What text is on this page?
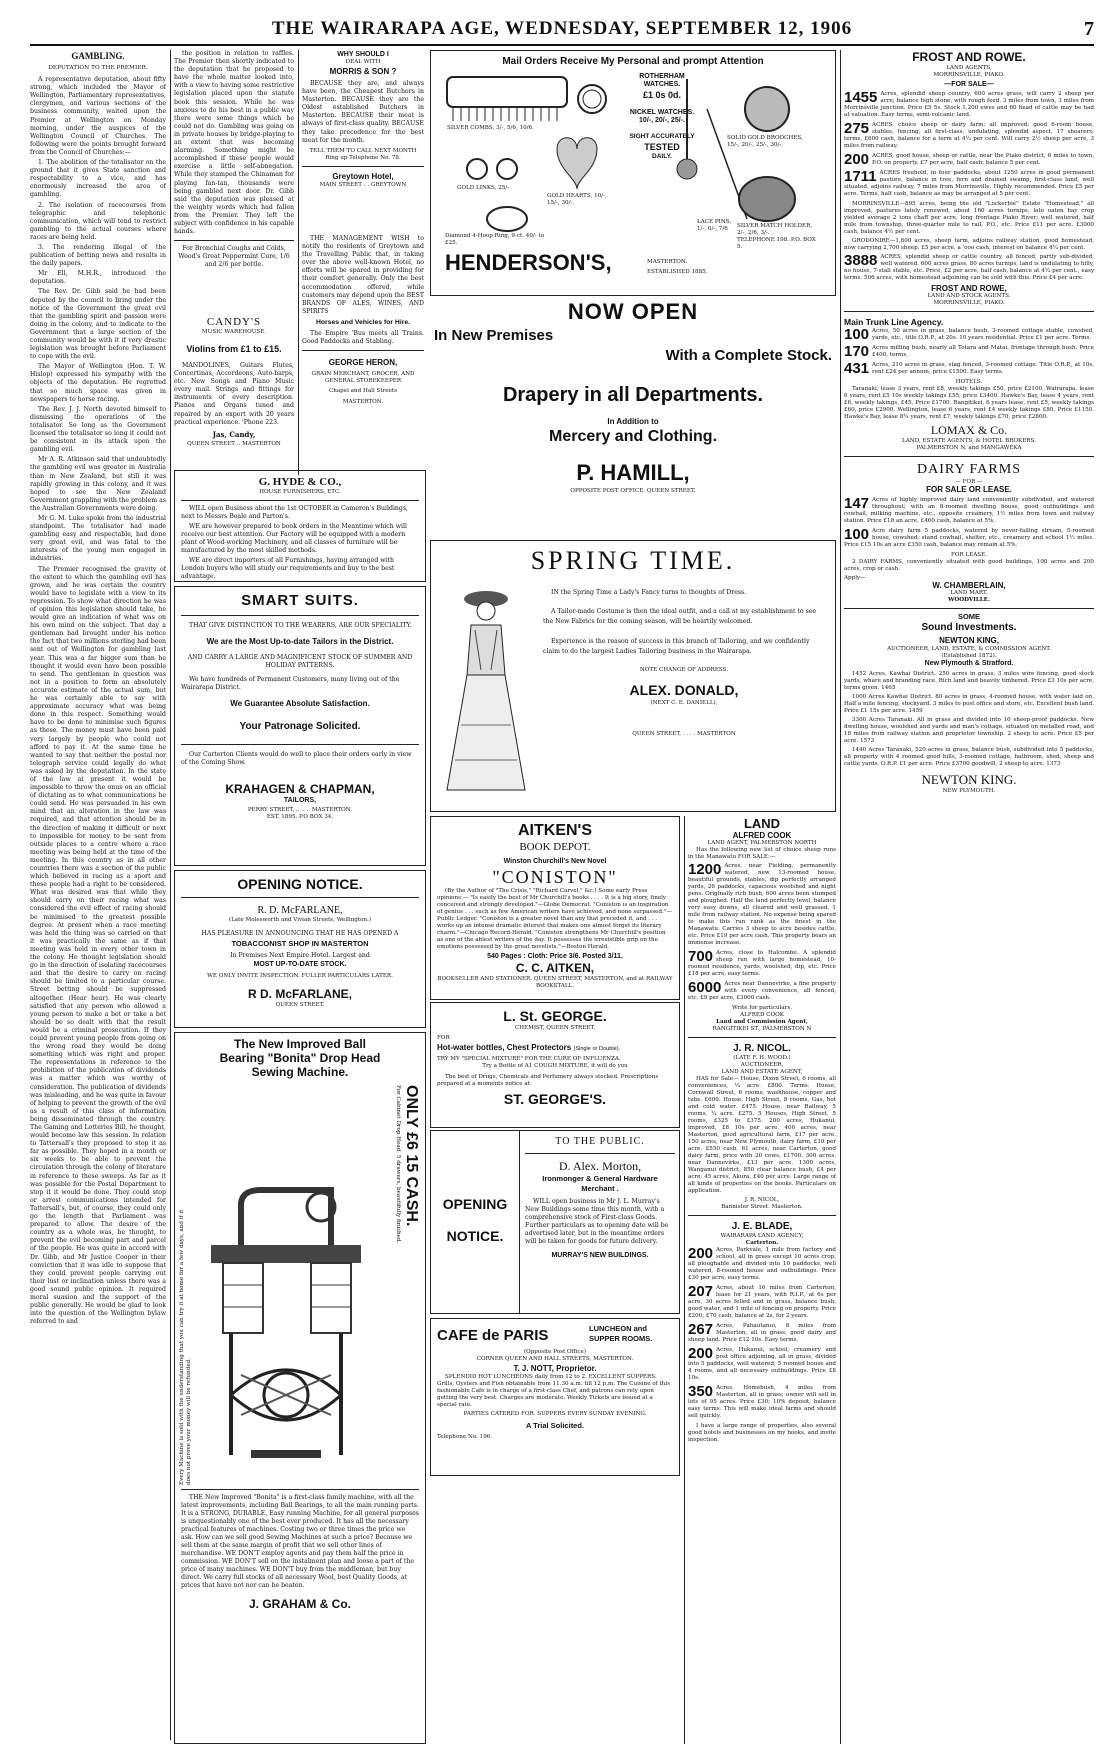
THE WAIRARAPA AGE, WEDNESDAY, SEPTEMBER 12, 1906	7
GAMBLING.
DEPUTATION TO THE PREMIER.

A representative deputation, about fifty strong, which included the Mayor of Wellington, Parliamentary representatives, clergymen, and various sections of the business community, waited upon the Premier at Wellington on Monday morning, under the auspices of the Wellington Council of Churches. The following were the points brought forward from the Council of Churches:—

1. The abolition of the totalisator on the ground that it gives State sanction and respectability to a vice, and has enormously increased the area of gambling.

2. The isolation of racecourses from telegraphic and telephonic communication, which will tend to restrict gambling to the actual courses where races are being held.

3. The rendering illegal of the publication of betting news and results in the daily papers.

Mr Ell, M.H.R., introduced the deputation.

The Rev. Dr. Gibb said he had been deputed by the council to bring under the notice of the Government the great evil that the gambling spirit and passion were doing in the colony, and to indicate to the Government that a large section of the community would be with it if very drastic legislation was brought before Parliament to cope with the evil.

The Mayor of Wellington (Hon. T. W. Hislop) expressed his sympathy with the objects of the deputation. He regretted that so much space was given in newspapers to horse racing.

The Rev. J. J. North devoted himself to dismissing the operations of the totalisator. So long as the Government licensed the totalisator so long it could not be consistent in its attack upon the gambling evil.

Mr A. R. Atkinson said that undoubtedly the gambling evil was greater in Australia than in New Zealand, but still it was rapidly growing in this colony, and it was hoped to see the New Zealand Government grappling with the problem as the Australian Governments were doing.

Mr G. M. Luke spoke from the industrial standpoint. The totalisator had made gambling easy and respectable, had done very great evil, and was fatal to the interests of the young men engaged in industries.

The Premier recognised the gravity of the extent to which the gambling evil has grown, and he was certain the country would have to legislate with a view to its repression. To show what direction he was of opinion this legislation should take, he would give an indication of what was on his own mind on the subject. That day a gentleman had brought under his notice the fact that two millions sterling had been sent out of Wellington for gambling last year. This was a far bigger sum than he thought it would even have been possible to send. The gentleman in question was not in a position to form an absolutely accurate estimate of the actual sum, but he was certainly able to say with approximate accuracy what was being done in this respect. Something would have to be done to minimise such figures as these. The money must have been paid very largely by people who could not afford to pay it. At the same time he wanted to say that neither the postal nor telegraph service could legally do what was asked by the deputation. In the state of the law at present it would be impossible to throw the onus on an official of dictating as to what communications he could send. He was persuaded in his own mind that an alteration in the law was required, and that attention should be in the direction of making it difficult or next to impossible for money to be sent from outside places to a centre where a race meeting was being held at the time of the meeting. In this country as in all other countries there was a section of the public which believed in racing as a sport and these people had a right to be considered. What was desired was that while they should carry on their racing what was considered the evil effect of racing should be minimised to the greatest possible degree. At present when a race meeting was held the thing was so carried on that it was practically the same as if that meeting was held in every other town in the colony. He thought legislation should go in the direction of isolating racecourses and that the desire to carry on racing should be limited to a particular course. Street betting should be suppressed altogether. (Hear hear). He was clearly satisfied that any person who allowed a young person to make a bet or take a bet should be so dealt with that the result would be a criminal prosecution. If they could prevent young people from going on the wrong road they would be doing something which was right and proper. The representations in reference to the prohibition of the publication of dividends was a matter which was worthy of consideration. The publication of dividends was misleading, and he was quite in favour of helping to prevent the growth of the evil as a result of this class of information being disseminated through the country. The Gaming and Lotteries Bill, he thought, would become law this session. In relation to Tattersall's they proposed to stop it as far as possible. They hoped in a month or six weeks to be able to prevent the circulation through the colony of literature in reference to these sweeps. As far as it was possible for the Postal Department to stop it it would be done. They could stop or arrest communications intended for Tattersall's, but, of course, they could only go the length that Parliament was prepared to allow. The desire of the country as a whole was, he thought, to prevent the evil becoming part and parcel of the people. He was quite in accord with Dr. Gibb, and Mr Justice Cooper in their conviction that it was idle to suppose that they could prevent people carrying out their lust or inclination unless there was a good sound public opinion. It required moral suasion and the support of the public generally. He would be glad to look into the question of the Wellington bylaw referred to and

the position in relation to raffles. The Premier then shortly indicated to the deputation that he proposed to have the whole matter looked into, with a view to having some restrictive legislation placed upon the statute book this session. While he was anxious to do his best in a public way there were some things which he could not do. Gambling was going on in private houses by bridge-playing to an extent that was becoming alarming. Something might be accomplished if these people would exercise a little self-abnegation. While they stamped the Chinaman for playing fan-tan, thousands were being gambled next door. Dr. Gibb said the deputation was pleased at the weighty words which had fallen from the Premier. They left the subject with confidence in his capable hands.

For Bronchial Coughs and Colds, Wood's Great Peppermint Cure, 1/6 and 2/6 per bottle.

CANDY'S
MUSIC WAREHOUSE.
Violins from £1 to £15.

MANDOLINES, Guitars Flutes, Concertinas, Accordeons, Auto-harps, etc. New Songs and Piano Music every mail. Strings and fittings for instruments of every description. Pianos and Organs tuned and repaired by an expert with 20 years practical experience. 'Phone 223.

Jas, Candy,
QUEEN STREET .. MASTERTON
WHY SHOULD I
DEAL WITH
MORRIS & SON ?

BECAUSE they are, and always have been, the Cheapest Butchers in Masterton. BECAUSE they are the Oldest established Butchers in Masterton. BECAUSE their meat is always of first-class quality. BECAUSE they take precedence for the best meat for the month.

TELL THEM TO CALL NEXT MONTH
Ring up Telephone No. 78.
Greytown Hotel,
MAIN STREET . . GREYTOWN

THE MANAGEMENT WISH to notify the residents of Greytown and the Travelling Public that, in taking over the above well-known Hotel, no efforts will be spared in providing for their comfort generally. Only the best accommodation offered, while customers may depend upon the BEST BRANDS OF ALES, WINES, AND SPIRITS

Horses and Vehicles for Hire.

The Empire 'Bus meets all Trains. Good Paddocks and Stabling.

GEORGE HERON,
GRAIN MERCHANT, GROCER, AND GENERAL STOREKEEPER
Chapel and Hall Streets
MASTERTON.
G. HYDE & CO.,
HOUSE FURNISHERS, ETC.

WILL open Business about the 1st OCTOBER in Cameron's Buildings, next to Messrs Beale and Parton's.

WE are however prepared to book orders in the Meantime which will receive our best attention. Our Factory will be equipped with a modern plant of Wood-working Machinery, and all classes of furniture will be manufactured by the most skilled methods.

WE are direct importers of all Furnishings, having arranged with London buyers who will study our requirements and buy to the best advantage.

SMART SUITS.

THAT GIVE DISTINCTION TO THE WEARERS, ARE OUR SPECIALITY.

We are the Most Up-to-date Tailors in the District.
AND CARRY A LARGE AND MAGNIFICENT STOCK OF SUMMER AND HOLIDAY PATTERNS.

We have hundreds of Permanent Customers, many living out of the Wairarapa District.

We Guarantee Absolute Satisfaction.
Your Patronage Solicited.

Our Carterton Clients would do well to place their orders early in view of the Coming Show.

KRAHAGEN & CHAPMAN,
TAILORS,
PERRY STREET, .. .. .. MASTERTON.
EST. 1895. P.O BOX 34.
OPENING NOTICE.
R. D. McFARLANE,
(Late Molesworth and Vivian Streets, Wellington.)
HAS PLEASURE IN ANNOUNCING THAT HE HAS OPENED A
TOBACCONIST SHOP IN MASTERTON
In Premises Next Empire Hotel. Largest and
MOST UP-TO-DATE STOCK.
WE ONLY INVITE INSPECTION. FULLER PARTICULARS LATER.
R D. McFARLANE,
QUEEN STREET.
The New Improved Ball
Bearing "Bonita" Drop Head
Sewing Machine.
ONLY £6 15 CASH.
For Cabinet Drop Head, 5 drawers, beautifully finished.
Every Machine is sold with the understanding that you can try it at home for a few days, and if it does not prove your money will be refunded.

THE New Improved "Bonita" is a first-class family machine, with all the latest improvements, including Ball Bearings, to all the main running parts. It is a STRONG, DURABLE, Easy running Machine, for all general purposes is unquestionably one of the best ever produced. It has all the necessary practical features of machines. Costing two or three times the price we ask. How can we sell good Sewing Machines at such a price? Because we sell them at the same margin of profit that we sell other lines of merchandise. WE DON'T employ agents and pay them half the price in commission. WE DON'T sell on the instalment plan and loose a part of the price of many machines. WE DON'T buy from the middleman, but buy direct. We carry full stocks of all necessary Wool, best Quality Goods, at prices that have not nor can be beaten.

J. GRAHAM & Co.
Mail Orders Receive My Personal and prompt Attention
ROTHERHAM
WATCHES.
£1 0s 0d.
NICKEL WATCHES.
10/-, 20/-, 25/-.
SIGHT ACCURATELY
TESTED
DAILY.
SILVER COMBS, 3/-, 5/6, 10/6.
GOLD LINKS, 25/-
GOLD HEARTS, 10/-, 15/-, 30/-.
SOLID GOLD BROOCHES, 15/-, 20/-, 25/-, 30/-.
Diamond 4-Hoop Ring, 9-ct. 40/- to £25.
LACE PINS, 1/-, 6/-, 7/6	SILVER MATCH HOLDER, 2/-, 2/6, 3/-.
TELEPHONE 198. P.O. BOX 5.
HENDERSON'S,	MASTERTON.
ESTABLISHED 1885.
NOW OPEN
In New Premises
With a Complete Stock.
Drapery in all Departments.
In Addition to
Mercery and Clothing.
P. HAMILL,
OPPOSITE POST OFFICE. QUEEN STREET.
SPRING TIME.

IN the Spring Time a Lady's Fancy turns to thoughts of Dress.

A Tailor-made Costume is then the ideal outfit, and a call at my establishment to see the New Fabrics for the coming season, will be heartily welcomed.

Experience is the reason of success in this branch of Tailoring, and we confidently claim to do the largest Ladies Tailoring business in the Wairarapa.

NOTE CHANGE OF ADDRESS.
ALEX. DONALD,
(NEXT C. E. DANIELL),
QUEEN STREET, . . . . MASTERTON
AITKEN'S
BOOK DEPOT.
Winston Churchill's New Novel
"CONISTON"

(By the Author of "The Crisis," "Richard Carvel," &c.) Some early Press opinions:— "Is easily the best of Mr Churchill's books . . . . It is a big story, finely conceived and strongly developed."—Globe Democrat. "Coniston is an inspiration of genius . . . such as few American writers have achieved, and none surpassed."—Public Ledger. "Coniston is a greater novel than any that preceded it, and . . . works up an intense dramatic interest that makes one almost forget its literary charm."—Chicago Record-Herald. "Coniston strengthens Mr Churchill's position as one of the ablest writers of the day. It possesses the irresistible grip on the emotions possessed by the great novelists."—Boston Herald.

540 Pages : Cloth: Price 3/6. Posted 3/11.
C. C. AITKEN,
BOOKSELLER AND STATIONER. QUEEN STREET, MASTERTON, and at RAILWAY BOOKSTALL.
L. St. GEORGE.
CHEMIST, QUEEN STREET.
FOR
Hot-water bottles, Chest Protectors (Single or Double).
TRY MY "SPECIAL MIXTURE" FOR THE CURE OF INFLUENZA.
Try a Bottle of A1 COUGH MIXTURE, it will do you

The best of Drugs, Chemicals and Perfumery always stocked. Prescriptions prepared at a moments notice at

ST. GEORGE'S.
OPENING
NOTICE.
TO THE PUBLIC.
D. Alex. Morton,
Ironmonger & General Hardware Merchant .

WILL open business in Mr J. L. Murray's New Buildings some time this month, with a comprehensive stock of First-class Goods. Further particulars as to opening date will be advertised later, but in the meantime orders will be taken for goods for future delivery.

MURRAY'S NEW BUILDINGS.
CAFE de PARIS	LUNCHEON and
SUPPER ROOMS.
(Opposite Post Office)
CORNER QUEEN AND HALL STREETS, MASTERTON.
T. J. NOTT, Proprietor.

SPLENDID HOT LUNCHEONS daily from 12 to 2. EXCELLENT SUPPERS. Grills, Oysters and Fish obtainable from 11.30 a.m. till 12 p.m. The Cuisine of this fashionable Cafe is in charge of a first-class Chef, and patrons can rely upon getting the very best. Charges are moderate. Weekly Tickets are issued at a special rate.

PARTIES CATERED FOR. SUPPERS EVERY SUNDAY EVENING.
A Trial Solicited.
Telephone No. 196.
LAND
ALFRED COOK
LAND AGENT, PALMERSTON NORTH

Has the following new list of choice sheep runs in the Manawatu FOR SALE:—

1200 Acres, near Fielding, permanently watered, new 13-roomed house, beautiful grounds, stables, dip perfectly arranged yards, 26 paddocks, capacious woolshed and night pens. Originally rich bush, 600 acres been stumped and ploughed. Half the land perfectly level, balance very easy downs, all cleared and well grassed, 1 mile from railway station. No expense being spared to make this run rank as the finest in the Manawatu. Carries 3 sheep to acre besides cattle, etc. Price £19 per acre cash. This property bears an immense increase.
700 Acres, close to Halcombe. A splendid sheep run with large homestead, 10-roomed residence, yards, woolshed, dip, etc. Price £18 per acre, easy terms.
6000 Acres near Dannevirke, a fine property with every convenience, all fenced, etc. £9 per acre, £3000 cash.
Write for particulars,
ALFRED COOK
Land and Commission Agent,
RANGITIKEI ST., PALMERSTON N
J. R. NICOL.
(LATE F. H. WOOD.)
AUCTIONEER,
LAND AND ESTATE AGENT,

HAS for Sale— House, Dixon Street, 6 rooms, all conveniences, ¼ acre. £800. Terms. House, Cornwall Street, 6 rooms, washhouse, copper and tubs. £600. House, High Street, 8 rooms, Gas, hot and cold water. £475. House, near Railway, 5 rooms, ¼ acre. £275. 5 Houses, High Street, 5 rooms, £325 to £375. 200 acres, Hukanui, improved, £8 10s per acre. 400 acres, near Masterton, good agricultural farm, £17 per acre. 150 acres, near New Plymouth, dairy farm, £10 per acre. £550 cash. 61 acres, near Carterton, good dairy farm, price with 20 cows, £1700. 300 acres, near Dannevirke, £13 per acre. 1300 acres, Wanganui district, 850 clear balance bush, £4 per acre. 45 acres, Akura, £40 per acre. Large range of all kinds of properties on the books. Particulars on application.

J. R. NICOL,
Bannister Street. Masterton.
J. E. BLADE,
WAIRARAPA LAND AGENCY,
Carterton.
200 Acres, Parkvale, 1 mile from factory and school, all in grass except 10 acres crop, all ploughable and divided into 10 paddocks, well watered, 8-roomed house and outbuildings. Price £30 per acre, easy terms.
207 Acres, about 16 miles from Carterton, lease for 21 years, with R.I.P., at 6s per acre, 30 acres felled and in grass, balance bush, good water, and 1 mile of fencing on property. Price £200; £70 cash, balance at 2s, for 2 years.
267 Acres, Pahautanui, 8 miles from Masterton, all in grass, good dairy and sheep land. Price £12 10s. Easy terms.
200 Acres, Hukanui, school, creamery and post office adjoining, all in grass, divided into 5 paddocks, well watered, 5 roomed house and 4 rooms, and all necessary outbuildings. Price £8 10s.
350 Acres, Homebush, 4 miles from Masterton, all in grass; owner will sell in lots of 95 acres. Price £30; 10% deposit, balance easy terms. This will make ideal farms and should sell quickly.

I have a large range of properties, also several good hotels and businesses on my books, and invite inspection.

FROST AND ROWE.
LAND AGENTS,
MORRINSVILLE, PIAKO.
—FOR SALE—
1455 Acres, splendid sheep country, 600 acres grass, will carry 2 sheep per acre; balance high stone, with rough feed. 3 miles from town, 3 miles from Morrinsville junction. Price £5 5s. Stock 1,200 ewes and 60 head of cattle may be had at valuation. Easy terms, semi-volcanic land.
275 ACRES, choice sheep or dairy farm; all improved; good 6-room house, stables, fencing, all first-class, undulating, splendid aspect. 17 shearers; terms, £600 cash, balance for a term at 4¼ per cent. Will carry 2½ sheep per acre, 3 miles from railway.
200 ACRES, good house, sheep or cattle, near the Piako district, 6 miles to town, P.O. on property. £7 per acre, half cash; balance 5 per cent.
1711 ACRES freehold, in four paddocks, about 1250 acres in good permanent pasture, balance in tree, fern and drained swamp, first-class land, well situated, adjoins railway, 7 miles from Morrinsville. Highly recommended. Price £5 per acre. Terms, half cash, balance as may be arranged at 5 per cent.

MORRINSVILLE—895 acres, being the old "Lockerbie" Estate "Homestead," all improved, pastures lately renewed, about 160 acres turnips, late oaten hay crop yielded average 2 tons chaff per acre, long frontage Piako River; well watered, half mile from township, three-quarter mile to rail, P.O., etc. Price £11 per acre. £3000 cash, balance 4½ per cent.

GRODONIRE—1,800 acres, sheep farm, adjoins railway station, good homestead, now carrying 2,700 sheep. £5 per acre, a 'ooo cash, interest on balance 4¼ per cent.

3888 ACRES, splendid sheep or cattle country, all fenced, partly sub-divided, well watered. 600 acres grass, 80 acres turnips, land is undulating to hilly, no house, 7-stall stable, etc. Price, £2 per acre, half cash, balance at 4¼ per cent., easy terms. 506 acres, with homestead adjoining can be sold with this. Price £4 per acre.
FROST AND ROWE,
LAND AND STOCK AGENTS.
MORRINSVILLE, PIAKO.
Main Trunk Line Agency.
100 Acres, 50 acres in grass, balance bush, 3-roomed cottage stable, cowshed, yards, etc., title O.R.P., at 20s. 10 years residential. Price £1 per acre. Terms.
170 Acres milling bush, nearly all Totara and Matai, frontage through bush. Price £400, terms.
431 Acres, 210 acres in grass, stag fenced, 3-roomed cottage. Title O.R.P., at 10s, rent £24 per annum, price £1500. Easy terms.
HOTELS.

Taranaki, lease 3 years, rent £8, weekly takings £50, price £2100. Wairarapa, lease 6 years, rent £5 10s weekly takings £55, price £3400. Hawke's Bay, lease 4 years, rent £6, weekly takings, £45, Price £1700. Rangitikei, 6 years lease, rent £5, weekly takings £60, price £2900. Wellington, lease 6 years, rent £4 weekly takings £80, Price £1150. Hawke's Bay, lease 8¼ years, rent £7, weekly takings £70, price £2800.

LOMAX & Co.
LAND, ESTATE AGENTS, & HOTEL BROKERS.
PALMERSTON N. and MANGAWEKA
DAIRY FARMS
— FOR —
FOR SALE OR LEASE.
147 Acres of highly improved dairy land conveniently subdivided, and watered throughout; with an 8-roomed dwelling house, good outbuildings and cowbail, milking machine, etc., opposite creamery, 1½ miles from town and railway station. Price £18 an acre, £460 cash, balance at 5%.
100 Acre dairy farm 5 paddocks, watered by never-failing stream, 5-roomed house, cowshed, stand cowbail, shelter, etc., creamery and school 1½ miles. Price £15 10s an acre £350 cash, balance may remain at 5%.
FOR LEASE.

2 DAIRY FARMS, conveniently situated with good buildings, 100 acres and 200 acres, crop or cash.

Apply—
W. CHAMBERLAIN,
LAND MART,
WOODVILLE.
SOME
Sound Investments.
NEWTON KING,
AUCTIONEER, LAND, ESTATE, & COMMISSION AGENT.
(Established 1872).
New Plymouth & Stratford.

1452 Acres, Kawhai District. 250 acres in grass, 3 miles wire fencing, good stock yards, whare and branding race. Rich land and heavily timbered. Price £3 10s per acre, terms given. 1465

1000 Acres Kawhai District. 80 acres in grass, 4-roomed house, with water laid on. Half a mile fencing, stockyard. 3 miles to post office and store, etc. Excellent bush land. Price £1 15s per acre. 1459

3300 Acres Taranaki. All in grass and divided into 10 sheep-proof paddocks. New dwelling house, woolshed and yards and man's cottage, situated on metalled road, and 18 miles from railway station and proprietor township. 2 sheep to acre. Price £5 per acre. 1573

1440 Acres Taranaki, 520 acres in grass, balance bush, subdivided into 5 paddocks, all property with 4 roomed good hills, 3-roomed cottage, bathroom, shed, sheep and cattle yards. O.R.P. £1 per acre. Price £3700 goodwill, 2 sheep to acre. 1373

NEWTON KING.
NEW PLYMOUTH.
